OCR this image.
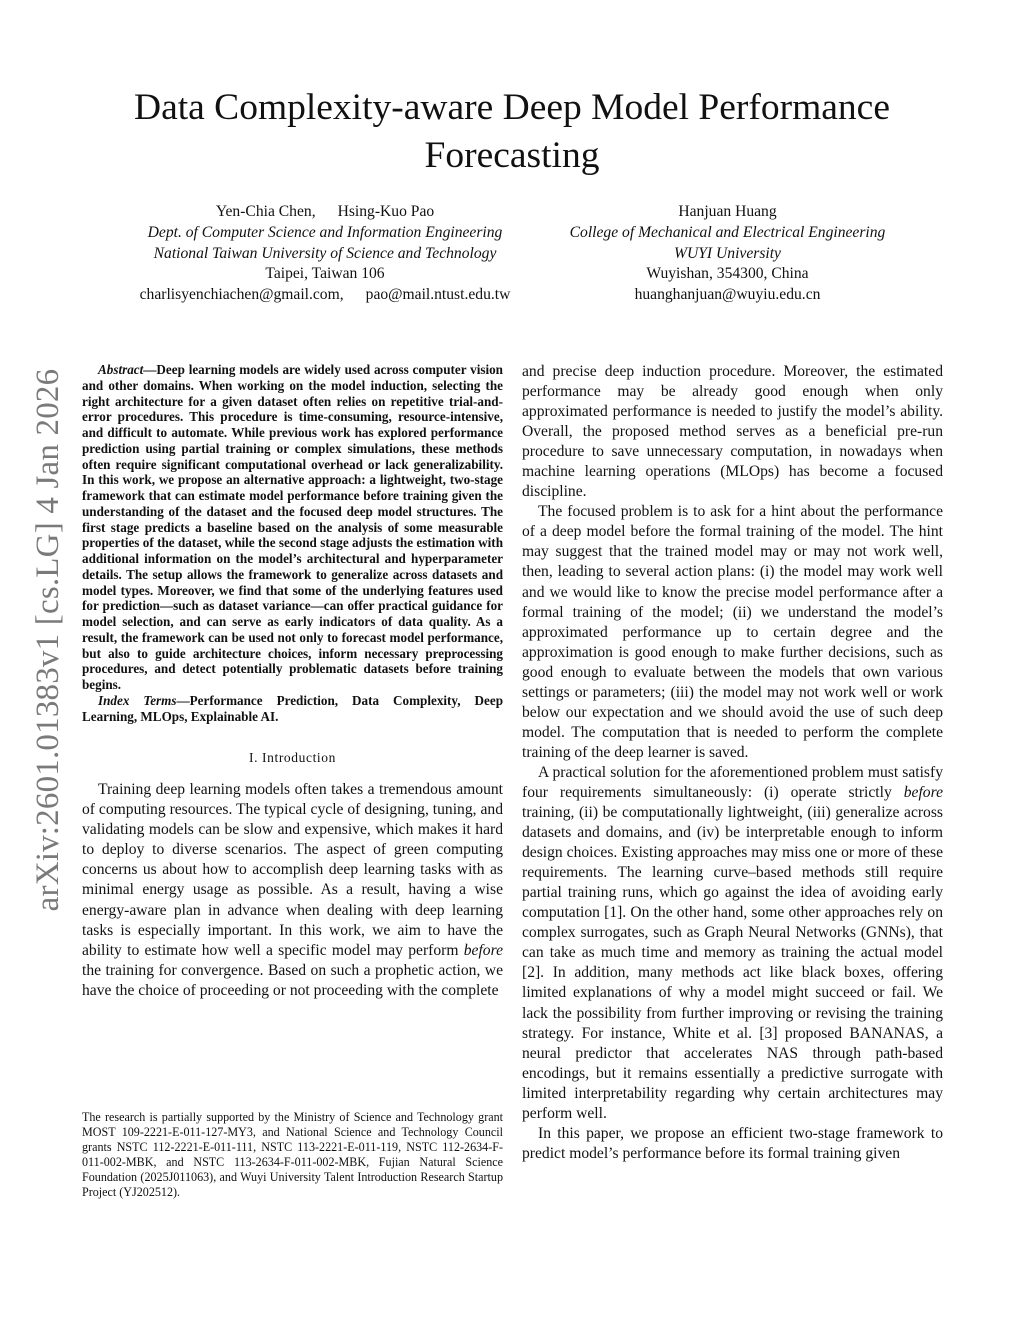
Data Complexity-aware Deep Model Performance Forecasting
Yen-Chia Chen, Hsing-Kuo Pao
Dept. of Computer Science and Information Engineering
National Taiwan University of Science and Technology
Taipei, Taiwan 106
charlisyenchiachen@gmail.com, pao@mail.ntust.edu.tw
Hanjuan Huang
College of Mechanical and Electrical Engineering
WUYI University
Wuyishan, 354300, China
huanghanjuan@wuyiu.edu.cn
arXiv:2601.01383v1 [cs.LG] 4 Jan 2026	Abstract—Deep learning models are widely used across computer vision and other domains. When working on the model induction, selecting the right architecture for a given dataset often relies on repetitive trial-and-error procedures. This procedure is time-consuming, resource-intensive, and difficult to automate. While previous work has explored performance prediction using partial training or complex simulations, these methods often require significant computational overhead or lack generalizability. In this work, we propose an alternative approach: a lightweight, two-stage framework that can estimate model performance before training given the understanding of the dataset and the focused deep model structures. The first stage predicts a baseline based on the analysis of some measurable properties of the dataset, while the second stage adjusts the estimation with additional information on the model’s architectural and hyperparameter details. The setup allows the framework to generalize across datasets and model types. Moreover, we find that some of the underlying features used for prediction—such as dataset variance—can offer practical guidance for model selection, and can serve as early indicators of data quality. As a result, the framework can be used not only to forecast model performance, but also to guide architecture choices, inform necessary preprocessing procedures, and detect potentially problematic datasets before training begins.

Index Terms—Performance Prediction, Data Complexity, Deep Learning, MLOps, Explainable AI.

I. Introduction

Training deep learning models often takes a tremendous amount of computing resources. The typical cycle of designing, tuning, and validating models can be slow and expensive, which makes it hard to deploy to diverse scenarios. The aspect of green computing concerns us about how to accomplish deep learning tasks with as minimal energy usage as possible. As a result, having a wise energy-aware plan in advance when dealing with deep learning tasks is especially important. In this work, we aim to have the ability to estimate how well a specific model may perform before the training for convergence. Based on such a prophetic action, we have the choice of proceeding or not proceeding with the complete

The research is partially supported by the Ministry of Science and Technology grant MOST 109-2221-E-011-127-MY3, and National Science and Technology Council grants NSTC 112-2221-E-011-111, NSTC 113-2221-E-011-119, NSTC 112-2634-F-011-002-MBK, and NSTC 113-2634-F-011-002-MBK, Fujian Natural Science Foundation (2025J011063), and Wuyi University Talent Introduction Research Startup Project (YJ202512).

and precise deep induction procedure. Moreover, the estimated performance may be already good enough when only approximated performance is needed to justify the model’s ability. Overall, the proposed method serves as a beneficial pre-run procedure to save unnecessary computation, in nowadays when machine learning operations (MLOps) has become a focused discipline.

The focused problem is to ask for a hint about the performance of a deep model before the formal training of the model. The hint may suggest that the trained model may or may not work well, then, leading to several action plans: (i) the model may work well and we would like to know the precise model performance after a formal training of the model; (ii) we understand the model’s approximated performance up to certain degree and the approximation is good enough to make further decisions, such as good enough to evaluate between the models that own various settings or parameters; (iii) the model may not work well or work below our expectation and we should avoid the use of such deep model. The computation that is needed to perform the complete training of the deep learner is saved.

A practical solution for the aforementioned problem must satisfy four requirements simultaneously: (i) operate strictly before training, (ii) be computationally lightweight, (iii) generalize across datasets and domains, and (iv) be interpretable enough to inform design choices. Existing approaches may miss one or more of these requirements. The learning curve–based methods still require partial training runs, which go against the idea of avoiding early computation [1]. On the other hand, some other approaches rely on complex surrogates, such as Graph Neural Networks (GNNs), that can take as much time and memory as training the actual model [2]. In addition, many methods act like black boxes, offering limited explanations of why a model might succeed or fail. We lack the possibility from further improving or revising the training strategy. For instance, White et al. [3] proposed BANANAS, a neural predictor that accelerates NAS through path-based encodings, but it remains essentially a predictive surrogate with limited interpretability regarding why certain architectures may perform well.

In this paper, we propose an efficient two-stage framework to predict model’s performance before its formal training given
